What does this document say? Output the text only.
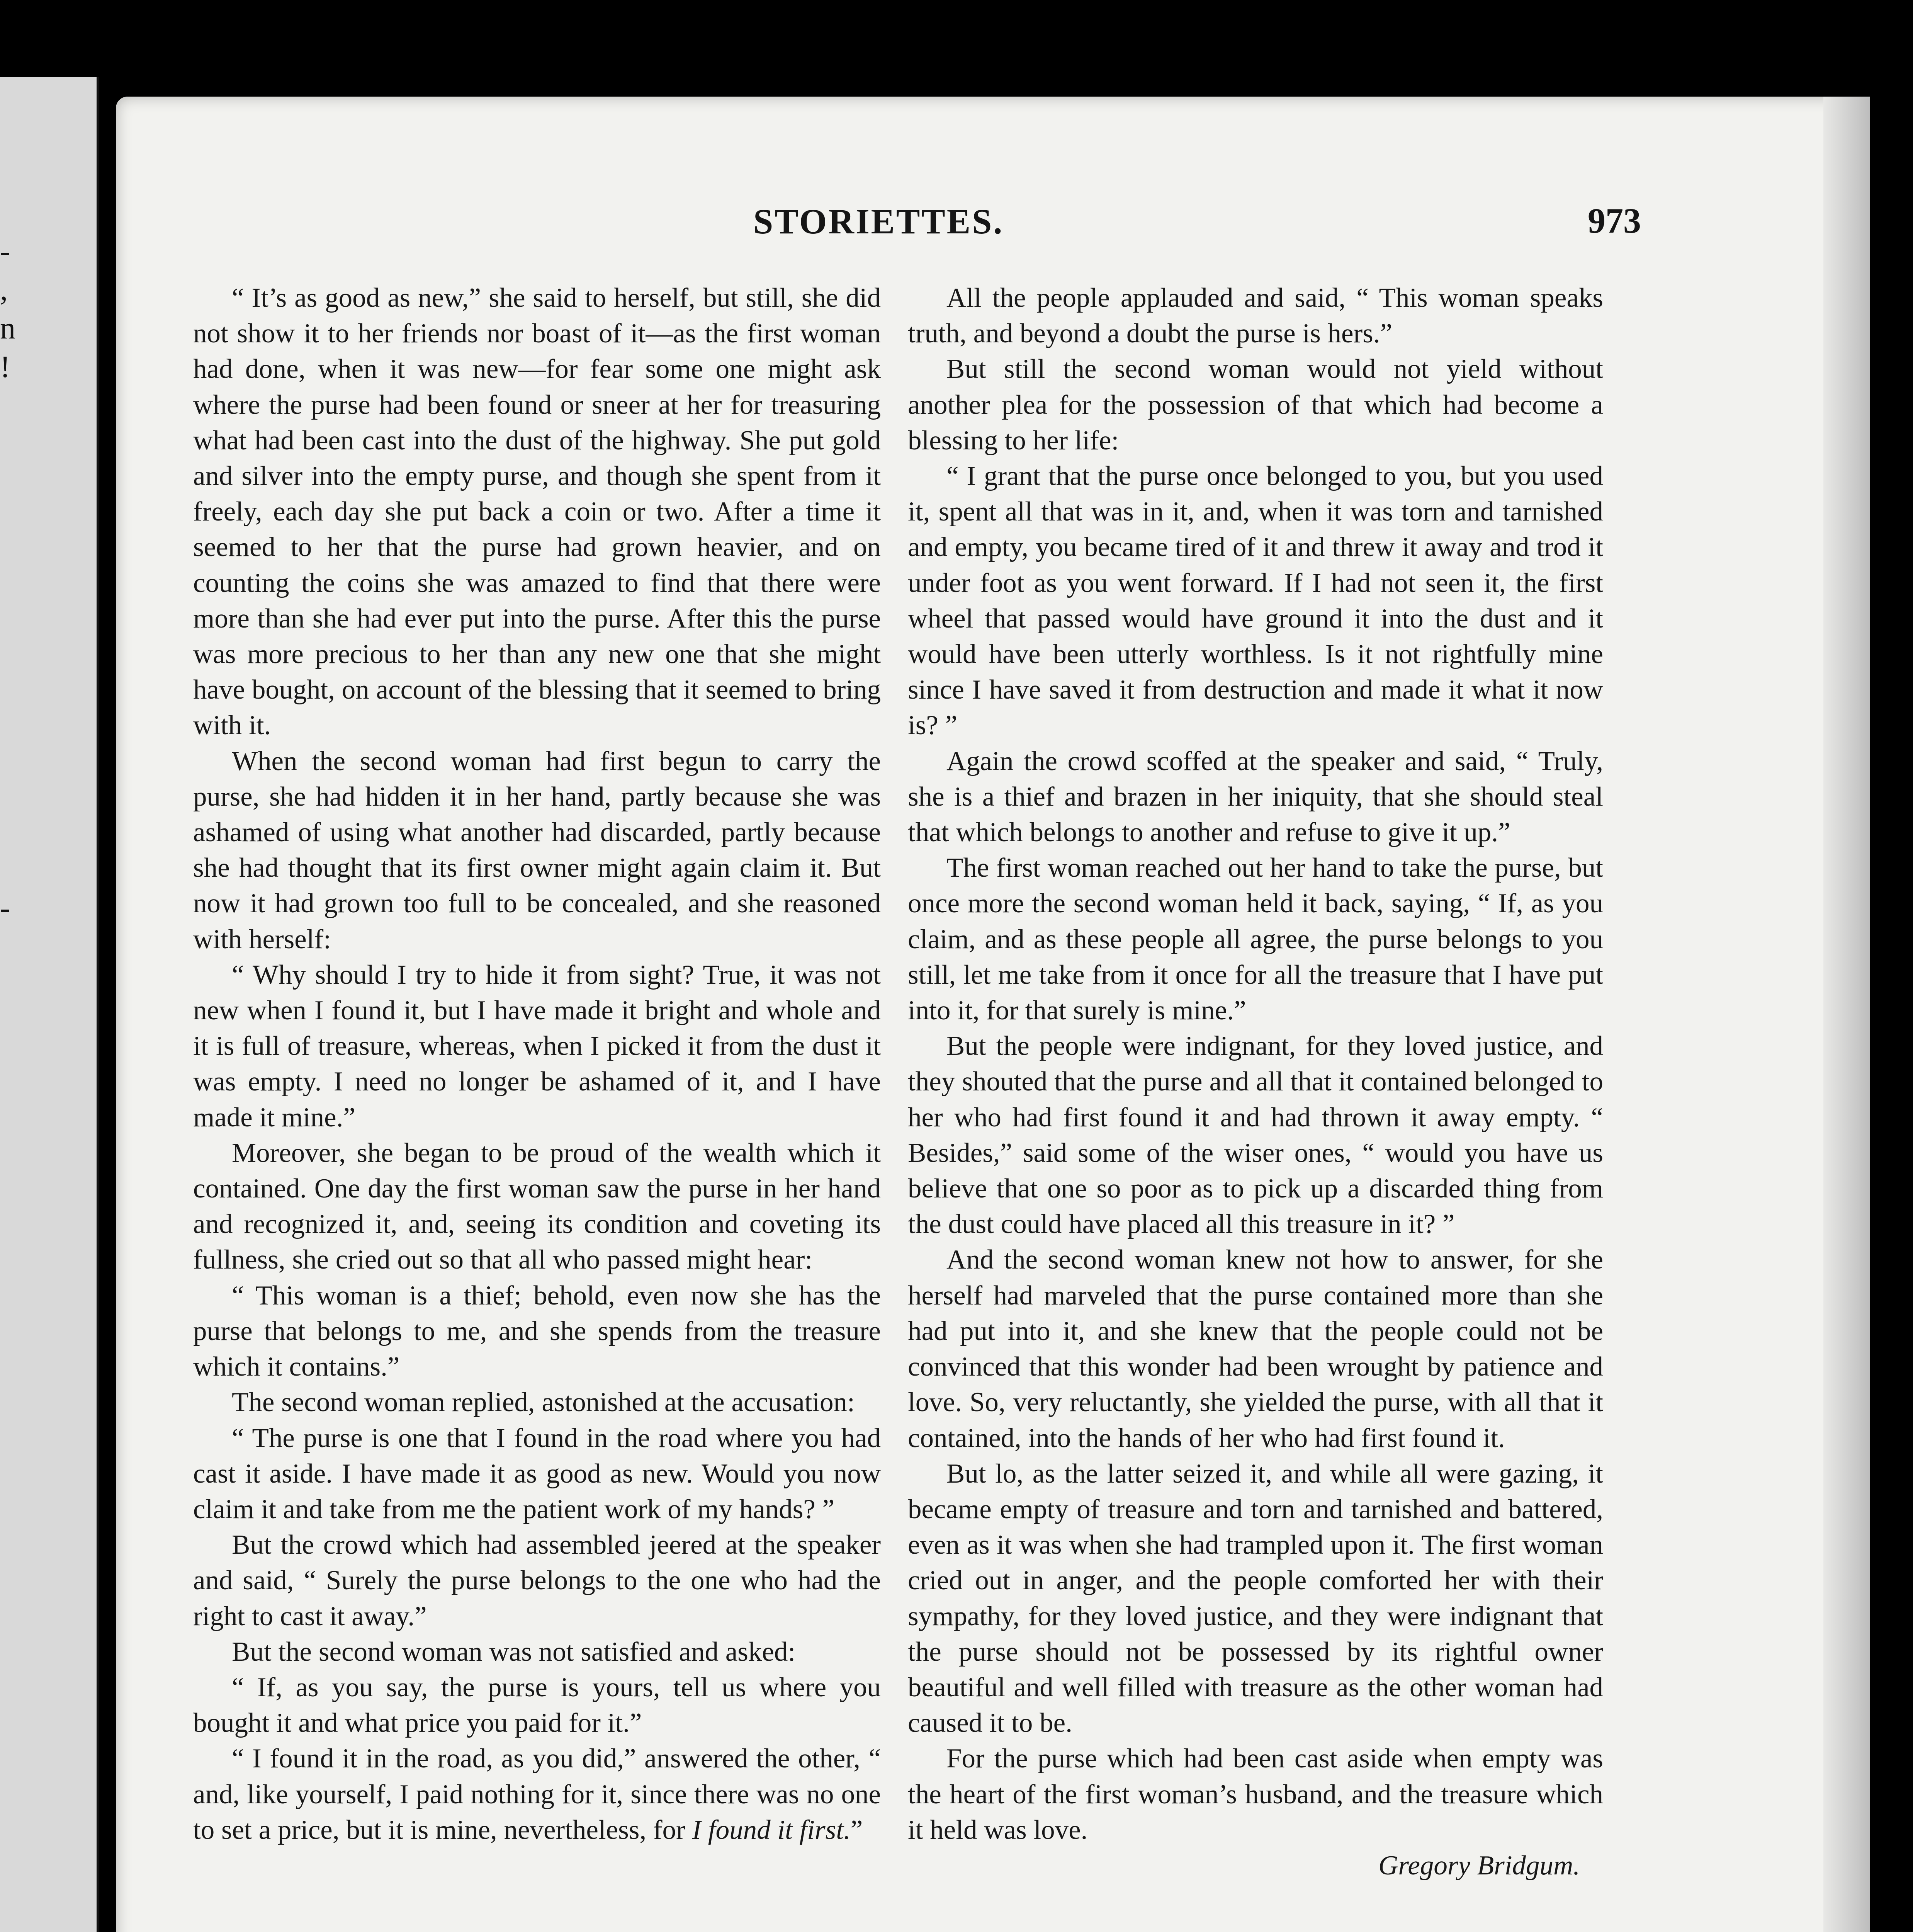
-
,
n
!
-
STORIETTES.	973

“ It’s as good as new,” she said to herself, but still, she did not show it to her friends nor boast of it—as the first woman had done, when it was new—for fear some one might ask where the purse had been found or sneer at her for treasuring what had been cast into the dust of the highway. She put gold and silver into the empty purse, and though she spent from it freely, each day she put back a coin or two. After a time it seemed to her that the purse had grown heavier, and on counting the coins she was amazed to find that there were more than she had ever put into the purse. After this the purse was more precious to her than any new one that she might have bought, on account of the blessing that it seemed to bring with it.

When the second woman had first begun to carry the purse, she had hidden it in her hand, partly because she was ashamed of using what another had discarded, partly because she had thought that its first owner might again claim it. But now it had grown too full to be concealed, and she reasoned with herself:

“ Why should I try to hide it from sight? True, it was not new when I found it, but I have made it bright and whole and it is full of treasure, whereas, when I picked it from the dust it was empty. I need no longer be ashamed of it, and I have made it mine.”

Moreover, she began to be proud of the wealth which it contained. One day the first woman saw the purse in her hand and recognized it, and, seeing its condition and coveting its fullness, she cried out so that all who passed might hear:

“ This woman is a thief; behold, even now she has the purse that belongs to me, and she spends from the treasure which it contains.”

The second woman replied, astonished at the accusation:

“ The purse is one that I found in the road where you had cast it aside. I have made it as good as new. Would you now claim it and take from me the patient work of my hands? ”

But the crowd which had assembled jeered at the speaker and said, “ Surely the purse belongs to the one who had the right to cast it away.”

But the second woman was not satisfied and asked:

“ If, as you say, the purse is yours, tell us where you bought it and what price you paid for it.”

“ I found it in the road, as you did,” answered the other, “ and, like yourself, I paid nothing for it, since there was no one to set a price, but it is mine, nevertheless, for I found it first.”

All the people applauded and said, “ This woman speaks truth, and beyond a doubt the purse is hers.”

But still the second woman would not yield without another plea for the possession of that which had become a blessing to her life:

“ I grant that the purse once belonged to you, but you used it, spent all that was in it, and, when it was torn and tarnished and empty, you became tired of it and threw it away and trod it under foot as you went forward. If I had not seen it, the first wheel that passed would have ground it into the dust and it would have been utterly worthless. Is it not rightfully mine since I have saved it from destruction and made it what it now is? ”

Again the crowd scoffed at the speaker and said, “ Truly, she is a thief and brazen in her iniquity, that she should steal that which belongs to another and refuse to give it up.”

The first woman reached out her hand to take the purse, but once more the second woman held it back, saying, “ If, as you claim, and as these people all agree, the purse belongs to you still, let me take from it once for all the treasure that I have put into it, for that surely is mine.”

But the people were indignant, for they loved justice, and they shouted that the purse and all that it contained belonged to her who had first found it and had thrown it away empty. “ Besides,” said some of the wiser ones, “ would you have us believe that one so poor as to pick up a discarded thing from the dust could have placed all this treasure in it? ”

And the second woman knew not how to answer, for she herself had marveled that the purse contained more than she had put into it, and she knew that the people could not be convinced that this wonder had been wrought by patience and love. So, very reluctantly, she yielded the purse, with all that it contained, into the hands of her who had first found it.

But lo, as the latter seized it, and while all were gazing, it became empty of treasure and torn and tarnished and battered, even as it was when she had trampled upon it. The first woman cried out in anger, and the people comforted her with their sympathy, for they loved justice, and they were indignant that the purse should not be possessed by its rightful owner beautiful and well filled with treasure as the other woman had caused it to be.

For the purse which had been cast aside when empty was the heart of the first woman’s husband, and the treasure which it held was love.

Gregory Bridgum.
